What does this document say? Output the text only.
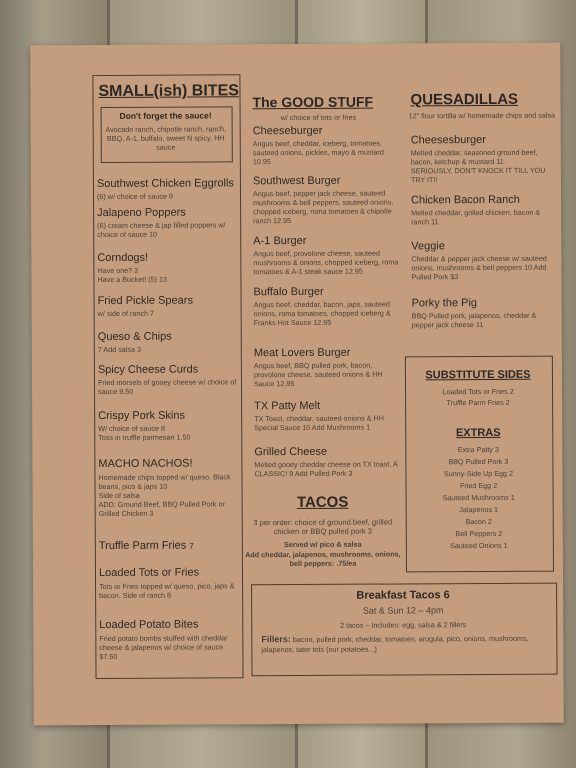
SMALL(ish) BITES
Don't forget the sauce!
Avocado ranch, chipotle ranch, ranch, BBQ, A-1, buffalo, sweet N spicy, HH sauce
Southwest Chicken Eggrolls
(6) w/ choice of sauce 9
Jalapeno Poppers
(6) cream cheese & jap filled poppers w/ choice of sauce 10
Corndogs!
Have one? 3
Have a Bucket! (5) 13
Fried Pickle Spears
w/ side of ranch 7
Queso & Chips
7 Add salsa 3
Spicy Cheese Curds
Fried morsels of gooey cheese w/ choice of sauce 9.50
Crispy Pork Skins
W/ choice of sauce 8
Toss in truffle parmesan 1.50
MACHO NACHOS!
Homemade chips topped w/ queso, Black beans, pico & japs 10
Side of salsa
ADD: Ground Beef, BBQ Pulled Pork or Grilled Chicken 3
Truffle Parm Fries 7
Loaded Tots or Fries
Tots or Fries topped w/ queso, pico, japs & bacon. Side of ranch 8
Loaded Potato Bites
Fried potato bombs stuffed with cheddar cheese & jalapenos w/ choice of sauce $7.50
The GOOD STUFF
w/ choice of tots or fries
Cheeseburger
Angus beef, cheddar, iceberg, tomatoes, sauteed onions, pickles, mayo & mustard 10.95
Southwest Burger
Angus beef, pepper jack cheese, sauteed mushrooms & bell peppers, sauteed onions, chopped iceberg, roma tomatoes & chipotle ranch 12.95
A-1 Burger
Angus beef, provolone cheese, sauteed mushrooms & onions, chopped iceberg, roma tomatoes & A-1 steak sauce 12.95
Buffalo Burger
Angus beef, cheddar, bacon, japs, sauteed onions, roma tomatoes, chopped iceberg & Franks Hot Sauce 12.95
Meat Lovers Burger
Angus beef, BBQ pulled pork, bacon, provolone cheese, sauteed onions & HH Sauce 12.95
TX Patty Melt
TX Toast, cheddar, sauteed onions & HH Special Sauce 10 Add Mushrooms 1
Grilled Cheese
Melted gooey cheddar cheese on TX toast. A CLASSIC! 9 Add Pulled Pork 3
TACOS
3 per order: choice of ground beef, grilled chicken or BBQ pulled pork 3
Served w/ pico & salsa
Add cheddar, jalapenos, mushrooms, onions, bell peppers: .75/ea
QUESADILLAS
12" flour tortilla w/ homemade chips and salsa
Cheesesburger
Melted cheddar, seasoned ground beef, bacon, ketchup & mustard 11
SERIOUSLY, DON'T KNOCK IT TILL YOU TRY IT!!
Chicken Bacon Ranch
Melted cheddar, grilled chicken, bacon & ranch 11
Veggie
Cheddar & pepper jack cheese w/ sauteed onions, mushrooms & bell peppers 10 Add Pulled Pork $3
Porky the Pig
BBQ Pulled pork, jalapenos, cheddar & pepper jack cheese 11
SUBSTITUTE SIDES
Loaded Tots or Fries 2
Truffle Parm Fries 2
EXTRAS
Extra Patty 3
BBQ Pulled Pork 3
Sunny-Side Up Egg 2
Fried Egg 2
Sauteed Mushrooms 1
Jalapenos 1
Bacon 2
Bell Peppers 2
Sauteed Onions 1
Breakfast Tacos 6
Sat & Sun 12 – 4pm
2 tacos – Includes: egg, salsa & 2 fillers
Fillers: bacon, pulled pork, cheddar, tomatoes, arugula, pico, onions, mushrooms, jalapenos, tater tots (our potatoes...)
